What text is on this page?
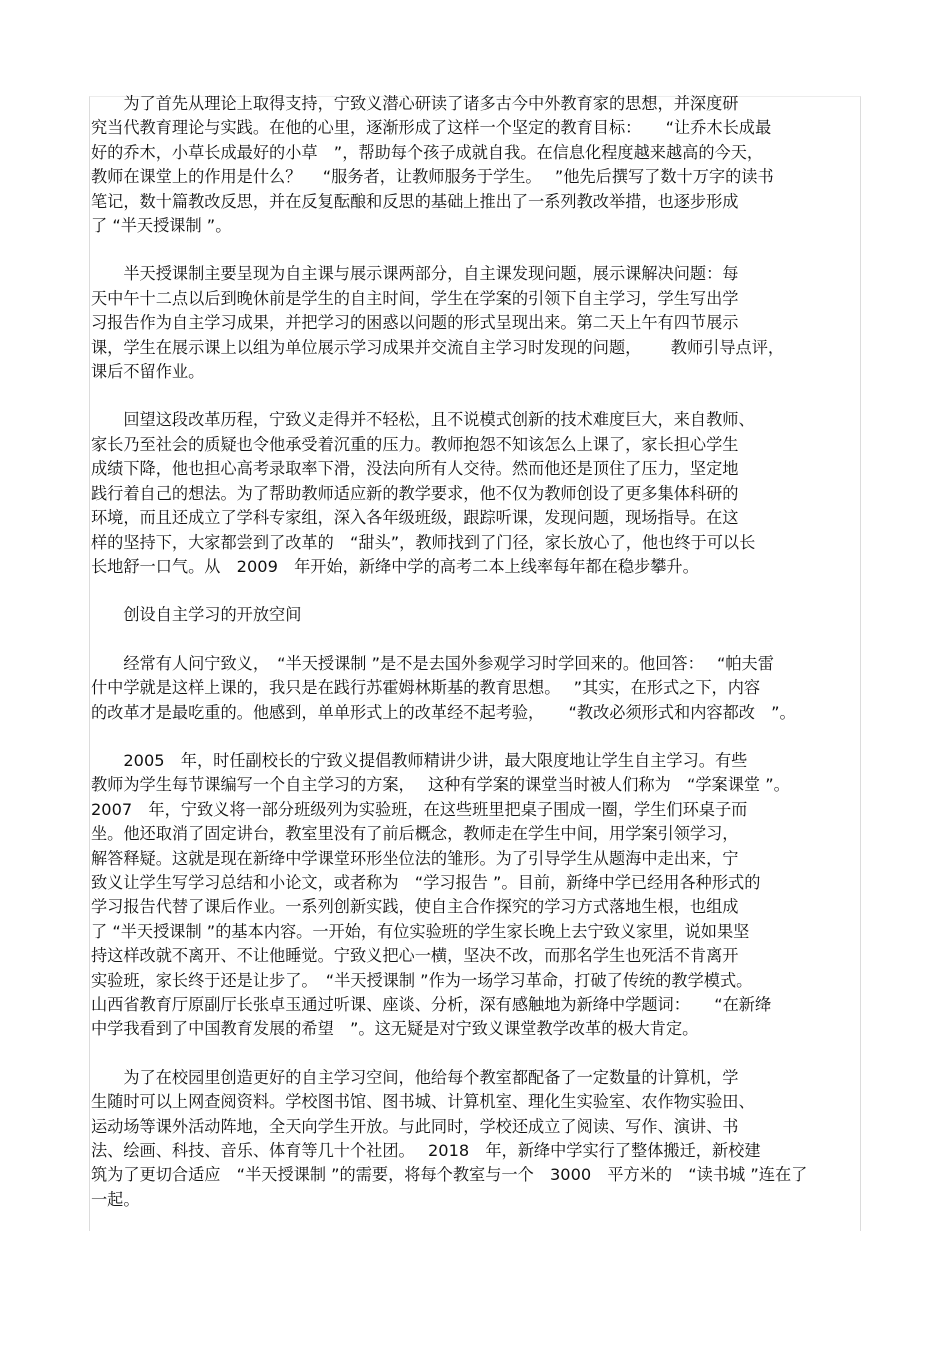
　　为了首先从理论上取得支持，宁致义潜心研读了诸多古今中外教育家的思想，并深度研
究当代教育理论与实践。在他的心里，逐渐形成了这样一个坚定的教育目标：　　“让乔木长成最
好的乔木，小草长成最好的小草　”，帮助每个孩子成就自我。在信息化程度越来越高的今天，
教师在课堂上的作用是什么？　 “服务者，让教师服务于学生。　 ”他先后撰写了数十万字的读书
笔记，数十篇教改反思，并在反复酝酿和反思的基础上推出了一系列教改举措，也逐步形成
了 “半天授课制 ”。
　　半天授课制主要呈现为自主课与展示课两部分，自主课发现问题，展示课解决问题：每
天中午十二点以后到晚休前是学生的自主时间，学生在学案的引领下自主学习，学生写出学
习报告作为自主学习成果，并把学习的困惑以问题的形式呈现出来。第二天上午有四节展示
课，学生在展示课上以组为单位展示学习成果并交流自主学习时发现的问题，　　 教师引导点评，
课后不留作业。
　　回望这段改革历程，宁致义走得并不轻松，且不说模式创新的技术难度巨大，来自教师、
家长乃至社会的质疑也令他承受着沉重的压力。教师抱怨不知该怎么上课了，家长担心学生
成绩下降，他也担心高考录取率下滑，没法向所有人交待。然而他还是顶住了压力，坚定地
践行着自己的想法。为了帮助教师适应新的教学要求，他不仅为教师创设了更多集体科研的
环境，而且还成立了学科专家组，深入各年级班级，跟踪听课，发现问题，现场指导。在这
样的坚持下，大家都尝到了改革的　“甜头”，教师找到了门径，家长放心了，他也终于可以长
长地舒一口气。从　2009　年开始，新绛中学的高考二本上线率每年都在稳步攀升。
　　创设自主学习的开放空间
　　经常有人问宁致义，　“半天授课制 ”是不是去国外参观学习时学回来的。他回答：　 “帕夫雷
什中学就是这样上课的，我只是在践行苏霍姆林斯基的教育思想。　 ”其实，在形式之下，内容
的改革才是最吃重的。他感到，单单形式上的改革经不起考验，　　“教改必须形式和内容都改　”。
　　2005　年，时任副校长的宁致义提倡教师精讲少讲，最大限度地让学生自主学习。有些
教师为学生每节课编写一个自主学习的方案，　 这种有学案的课堂当时被人们称为　“学案课堂 ”。
2007　年，宁致义将一部分班级列为实验班，在这些班里把桌子围成一圈，学生们环桌子而
坐。他还取消了固定讲台，教室里没有了前后概念，教师走在学生中间，用学案引领学习，
解答释疑。这就是现在新绛中学课堂环形坐位法的雏形。为了引导学生从题海中走出来，宁
致义让学生写学习总结和小论文，或者称为　“学习报告 ”。目前，新绛中学已经用各种形式的
学习报告代替了课后作业。一系列创新实践，使自主合作探究的学习方式落地生根，也组成
了 “半天授课制 ”的基本内容。一开始，有位实验班的学生家长晚上去宁致义家里，说如果坚
持这样改就不离开、不让他睡觉。宁致义把心一横，坚决不改，而那名学生也死活不肯离开
实验班，家长终于还是让步了。　“半天授课制 ”作为一场学习革命，打破了传统的教学模式。
山西省教育厅原副厅长张卓玉通过听课、座谈、分析，深有感触地为新绛中学题词：　　“在新绛
中学我看到了中国教育发展的希望　”。这无疑是对宁致义课堂教学改革的极大肯定。
　　为了在校园里创造更好的自主学习空间，他给每个教室都配备了一定数量的计算机，学
生随时可以上网查阅资料。学校图书馆、图书城、计算机室、理化生实验室、农作物实验田、
运动场等课外活动阵地，全天向学生开放。与此同时，学校还成立了阅读、写作、演讲、书
法、绘画、科技、音乐、体育等几十个社团。　 2018　年，新绛中学实行了整体搬迁，新校建
筑为了更切合适应　“半天授课制 ”的需要，将每个教室与一个　3000　平方米的　“读书城 ”连在了
一起。
